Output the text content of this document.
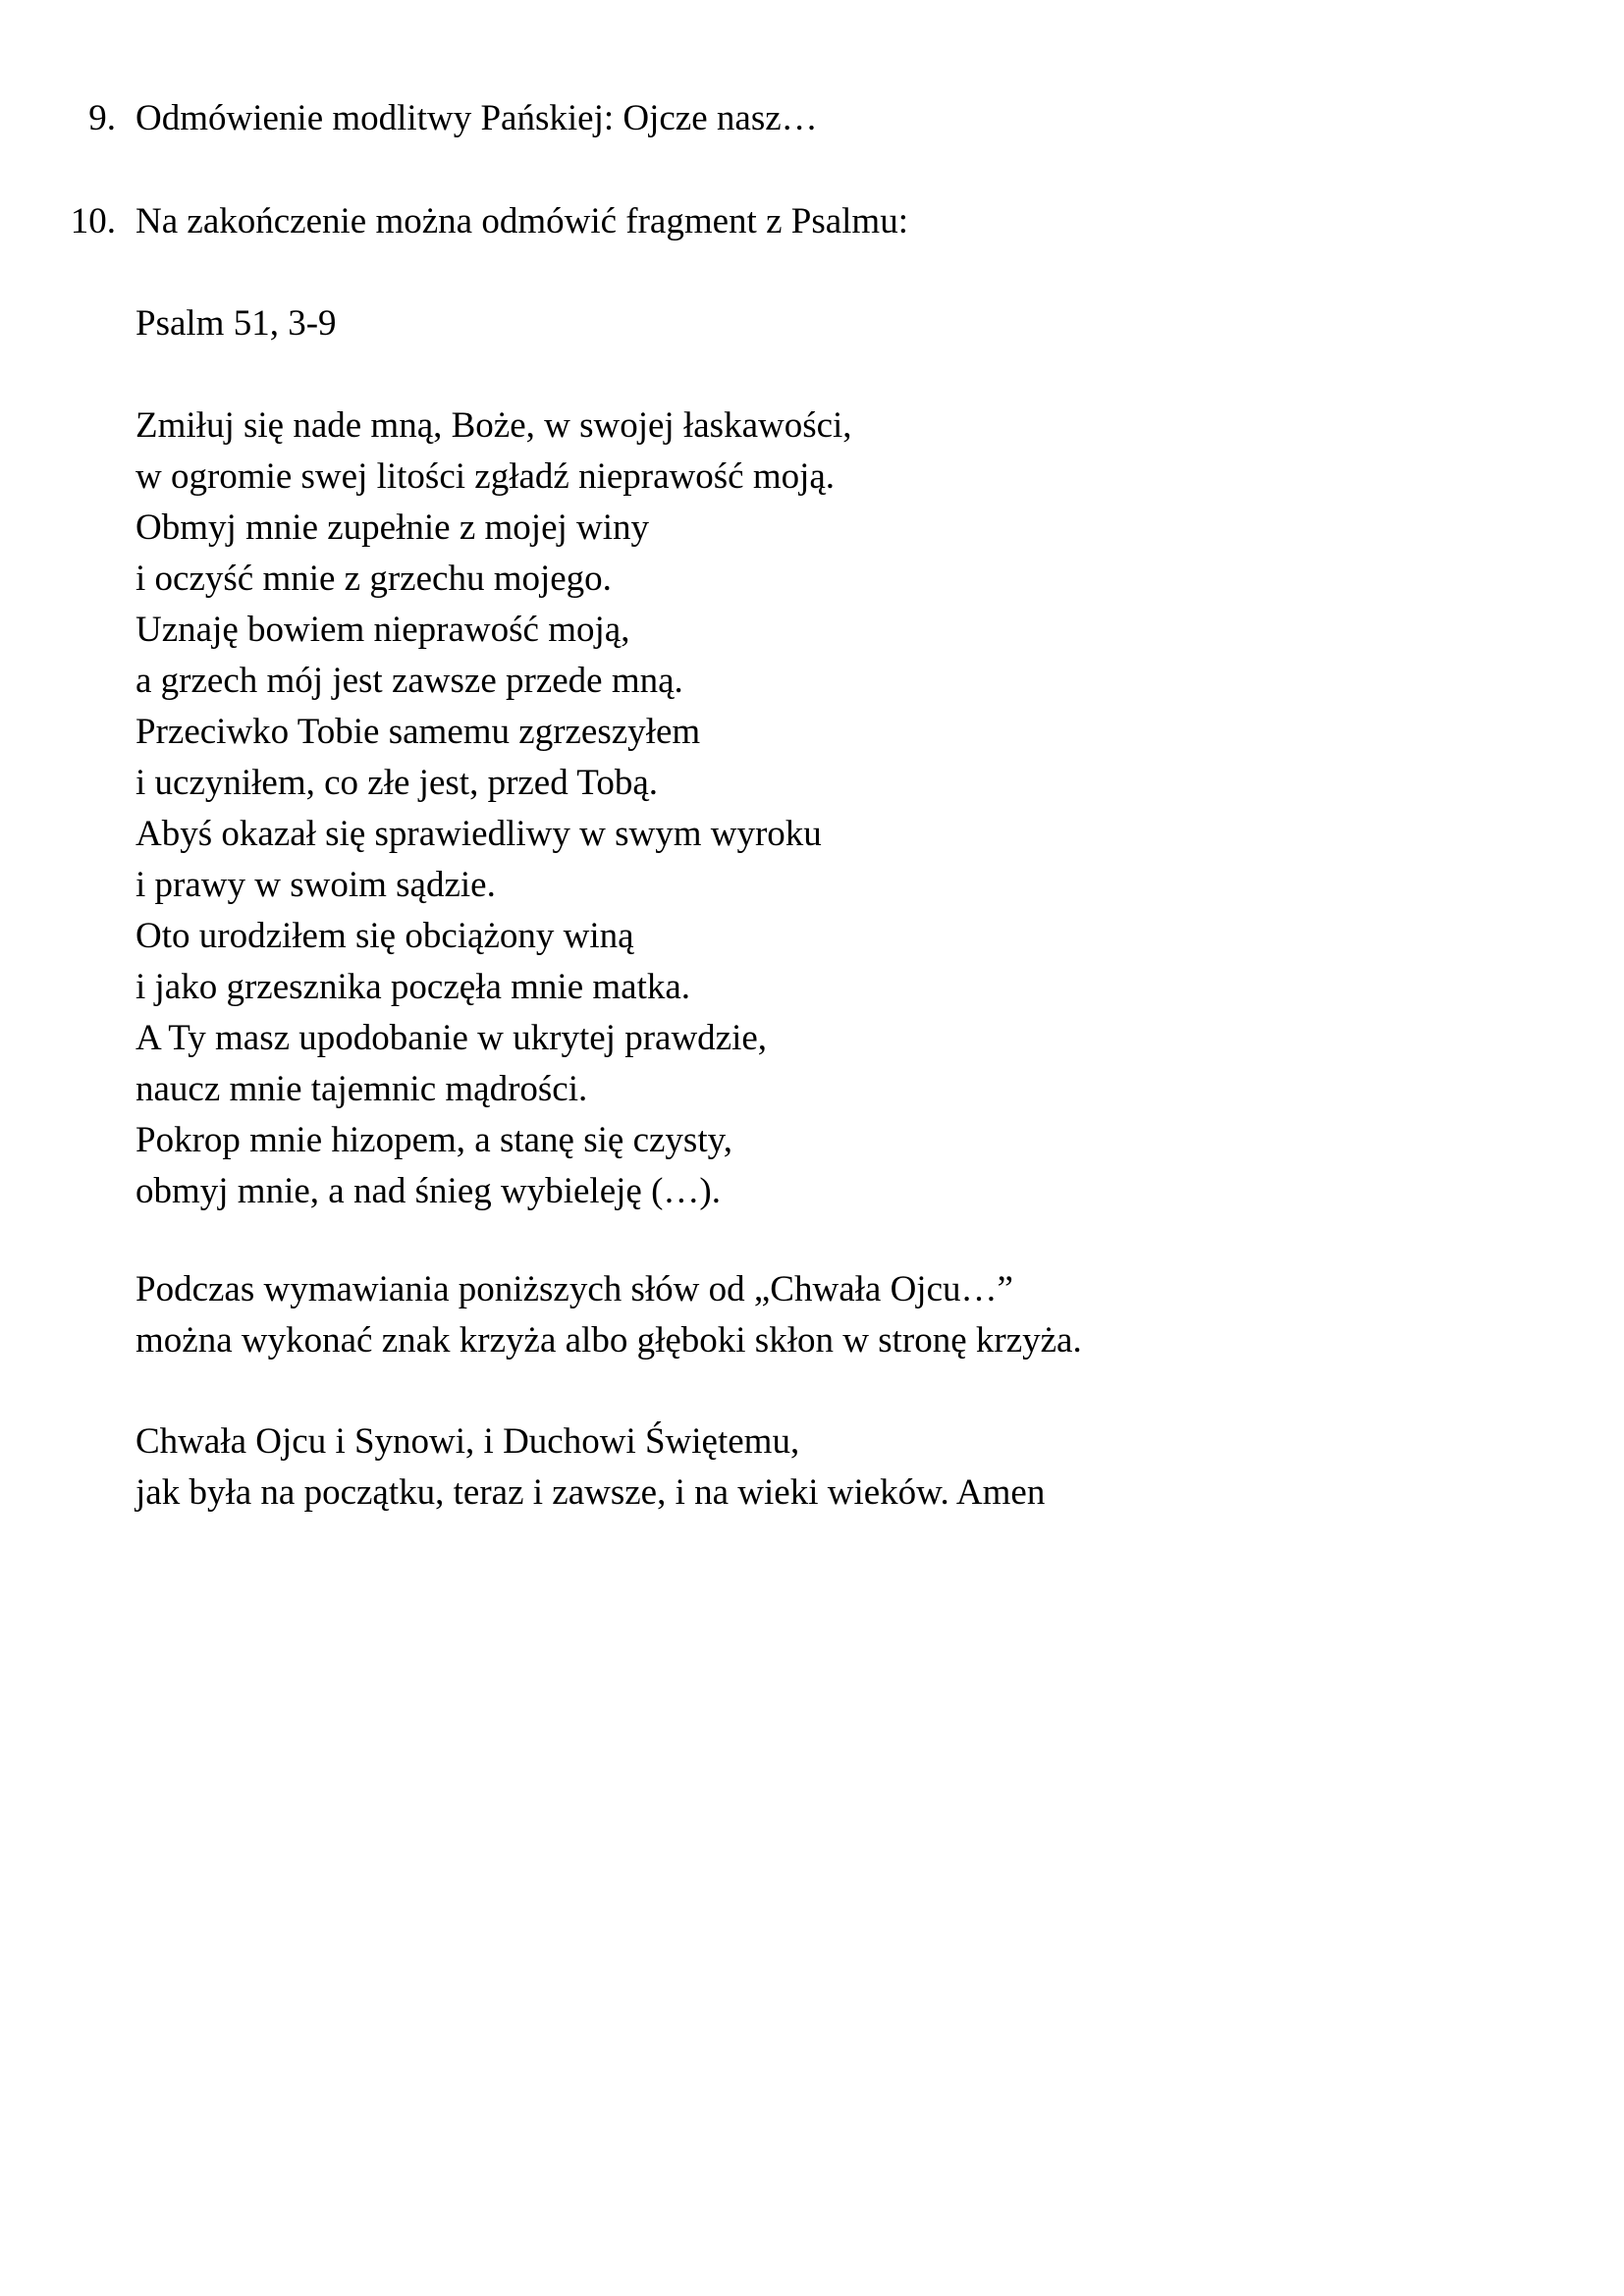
9. Odmówienie modlitwy Pańskiej: Ojcze nasz…
10. Na zakończenie można odmówić fragment z Psalmu:
Psalm 51, 3-9
Zmiłuj się nade mną, Boże, w swojej łaskawości,
w ogromie swej litości zgładź nieprawość moją.
Obmyj mnie zupełnie z mojej winy
i oczyść mnie z grzechu mojego.
Uznaję bowiem nieprawość moją,
a grzech mój jest zawsze przede mną.
Przeciwko Tobie samemu zgrzeszyłem
i uczyniłem, co złe jest, przed Tobą.
Abyś okazał się sprawiedliwy w swym wyroku
i prawy w swoim sądzie.
Oto urodziłem się obciążony winą
i jako grzesznika poczęła mnie matka.
A Ty masz upodobanie w ukrytej prawdzie,
naucz mnie tajemnic mądrości.
Pokrop mnie hizopem, a stanę się czysty,
obmyj mnie, a nad śnieg wybieleję (…).
Podczas wymawiania poniższych słów od „Chwała Ojcu…”
można wykonać znak krzyża albo głęboki skłon w stronę krzyża.
Chwała Ojcu i Synowi, i Duchowi Świętemu,
jak była na początku, teraz i zawsze, i na wieki wieków. Amen
